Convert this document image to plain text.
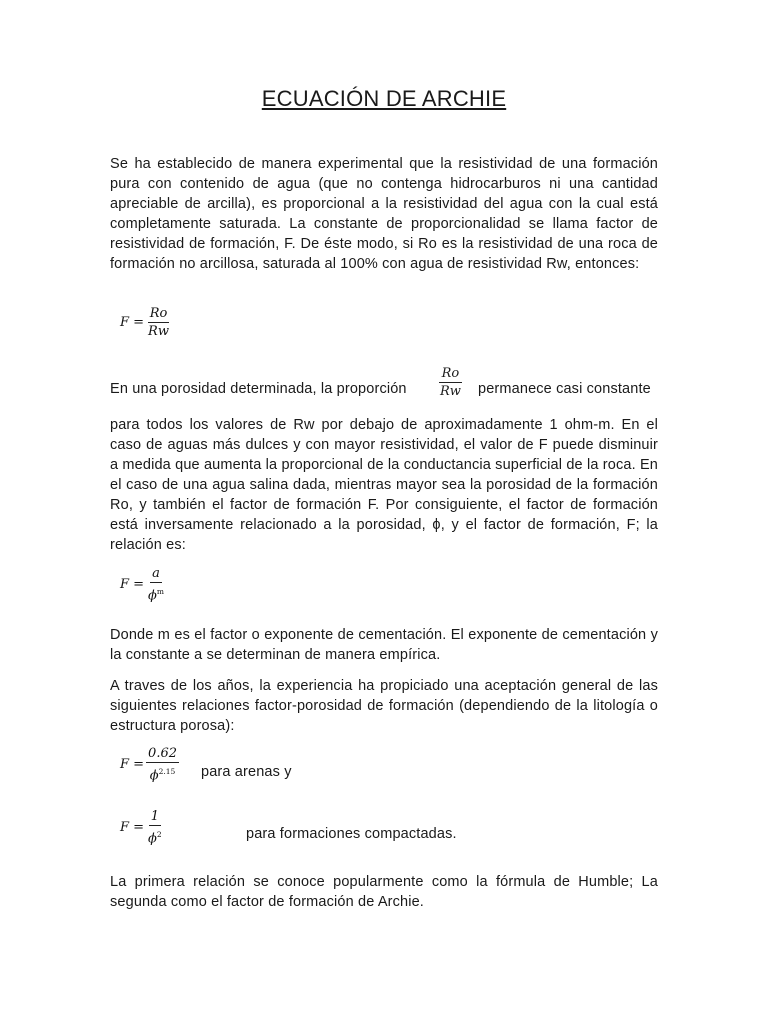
ECUACIÓN DE ARCHIE
Se ha establecido de manera experimental que la resistividad de una formación pura con contenido de agua (que no contenga hidrocarburos ni una cantidad apreciable de arcilla), es proporcional a la resistividad del agua con la cual está completamente saturada. La constante de proporcionalidad se llama factor de resistividad de formación, F. De éste modo, si Ro es la resistividad de una roca de formación no arcillosa, saturada al 100% con agua de resistividad Rw, entonces:
$F = \frac{Ro}{Rw}$
En una porosidad determinada, la proporción $\frac{Ro}{Rw}$ permanece casi constante
para todos los valores de Rw por debajo de aproximadamente 1 ohm-m. En el caso de aguas más dulces y con mayor resistividad, el valor de F puede disminuir a medida que aumenta la proporcional de la conductancia superficial de la roca. En el caso de una agua salina dada, mientras mayor sea la porosidad de la formación Ro, y también el factor de formación F. Por consiguiente, el factor de formación está inversamente relacionado a la porosidad, ϕ, y el factor de formación, F; la relación es:
$F = \frac{a}{\phi^m}$
Donde m es el factor o exponente de cementación. El exponente de cementación y la constante a se determinan de manera empírica.
A traves de los años, la experiencia ha propiciado una aceptación general de las siguientes relaciones factor-porosidad de formación (dependiendo de la litología o estructura porosa):
$F = \frac{0.62}{\phi^{2.15}}$ para arenas y
$F = \frac{1}{\phi^2}$	para formaciones compactadas.
La primera relación se conoce popularmente como la fórmula de Humble; La segunda como el factor de formación de Archie.
